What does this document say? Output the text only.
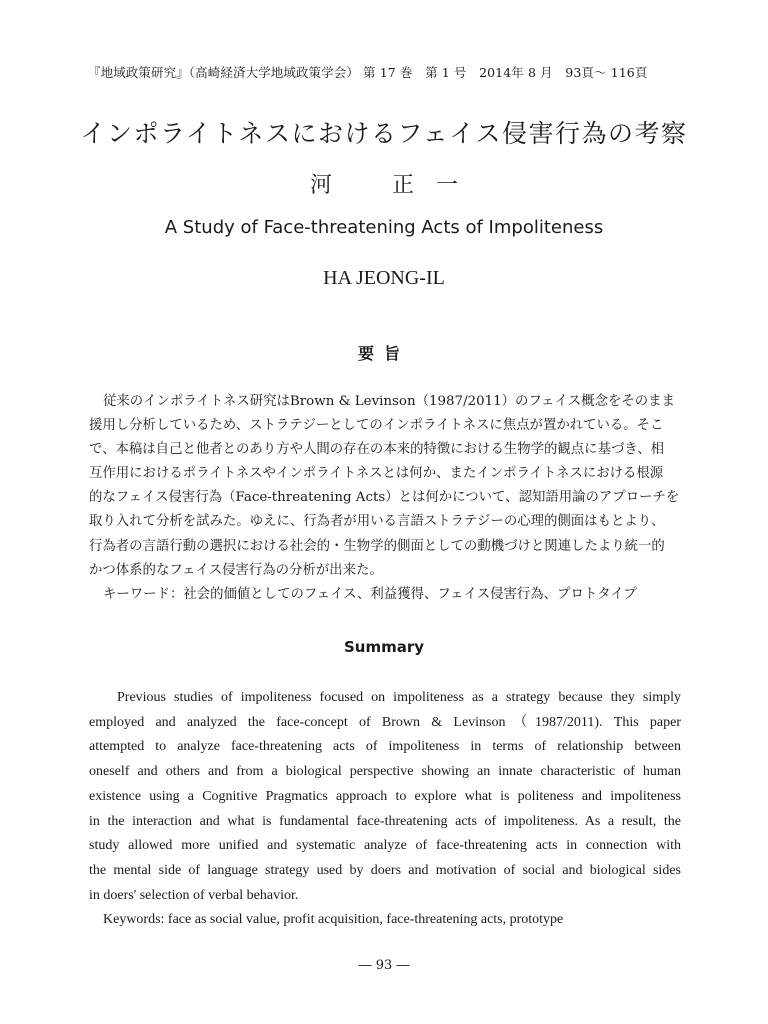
『地域政策研究』（高崎経済大学地域政策学会） 第 17 巻　第 1 号　2014年 8 月　93頁〜 116頁
インポライトネスにおけるフェイス侵害行為の考察
河	正　一
A Study of Face-threatening Acts of Impoliteness
HA JEONG-IL
要旨
従来のインポライトネス研究はBrown & Levinson（1987/2011）のフェイス概念をそのまま
援用し分析しているため、ストラテジーとしてのインポライトネスに焦点が置かれている。そこ
で、本稿は自己と他者とのあり方や人間の存在の本来的特徴における生物学的観点に基づき、相
互作用におけるポライトネスやインポライトネスとは何か、またインポライトネスにおける根源
的なフェイス侵害行為（Face-threatening Acts）とは何かについて、認知語用論のアプローチを
取り入れて分析を試みた。ゆえに、行為者が用いる言語ストラテジーの心理的側面はもとより、
行為者の言語行動の選択における社会的・生物学的側面としての動機づけと関連したより統一的
かつ体系的なフェイス侵害行為の分析が出来た。
キーワード：社会的価値としてのフェイス、利益獲得、フェイス侵害行為、プロトタイプ
Summary
Previous studies of impoliteness focused on impoliteness as a strategy because they simply
employed and analyzed the face-concept of Brown & Levinson（1987/2011). This paper
attempted to analyze face-threatening acts of impoliteness in terms of relationship between
oneself and others and from a biological perspective showing an innate characteristic of human
existence using a Cognitive Pragmatics approach to explore what is politeness and impoliteness
in the interaction and what is fundamental face-threatening acts of impoliteness. As a result, the
study allowed more unified and systematic analyze of face-threatening acts in connection with
the mental side of language strategy used by doers and motivation of social and biological sides
in doers' selection of verbal behavior.
Keywords: face as social value, profit acquisition, face-threatening acts, prototype
― 93 ―
